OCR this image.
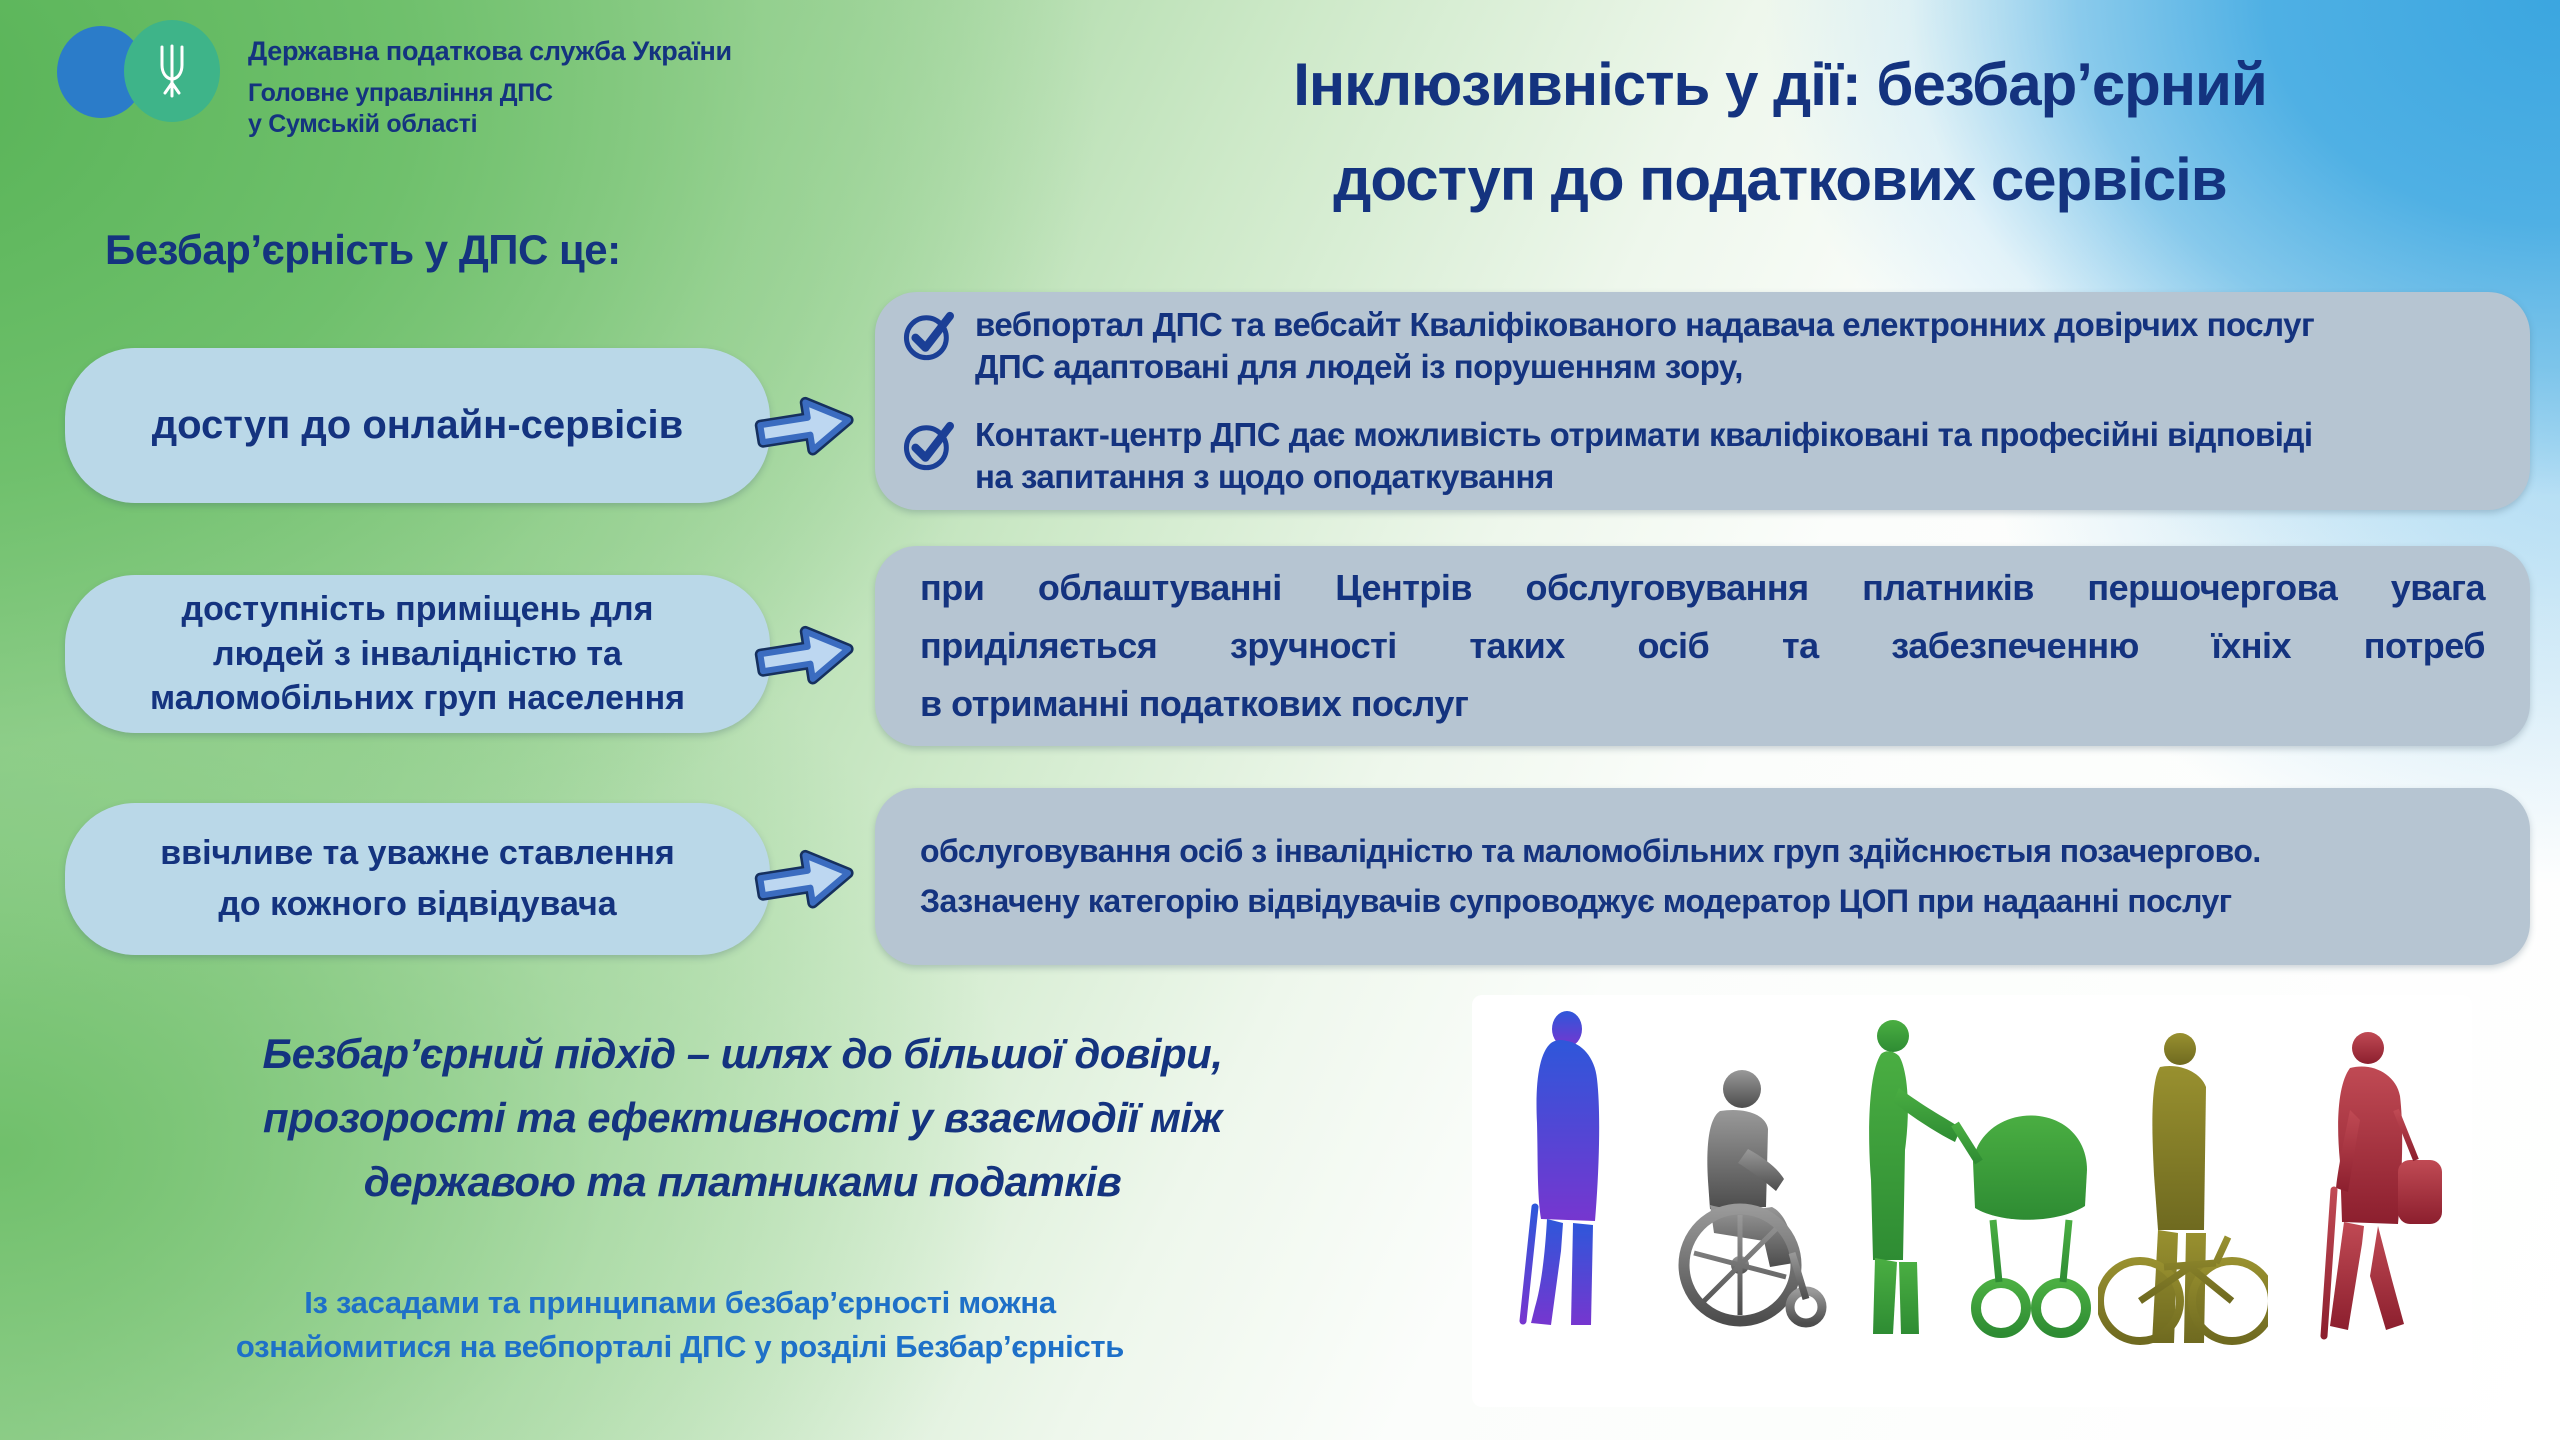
Державна податкова служба України
Головне управління ДПС
у Сумській області
Інклюзивність у дії: безбар’єрний
доступ до податкових сервісів
Безбар’єрність у ДПС це:
доступ до онлайн-сервісів
вебпортал ДПС та вебсайт Кваліфікованого надавача електронних довірчих послуг ДПС адаптовані для людей із порушенням зору,
Контакт-центр ДПС дає можливість отримати кваліфіковані та професійні відповіді на запитання з щодо оподаткування
доступність приміщень для
людей з інвалідністю та
маломобільних груп населення
при облаштуванні Центрів обслуговування платників першочергова увага
приділяється зручності таких осіб та забезпеченню їхніх потреб
в отриманні податкових послуг
ввічливе та уважне ставлення
до кожного відвідувача
обслуговування осіб з інвалідністю та маломобільних груп здійснюєтыя позачергово.
Зазначену категорію відвідувачів супроводжує модератор ЦОП при надаанні послуг
Безбар’єрний підхід – шлях до більшої довіри,
прозорості та ефективності у взаємодії між
державою та платниками податків
Із засадами та принципами безбар’єрності можна
ознайомитися на вебпорталі ДПС у розділі Безбар’єрність
